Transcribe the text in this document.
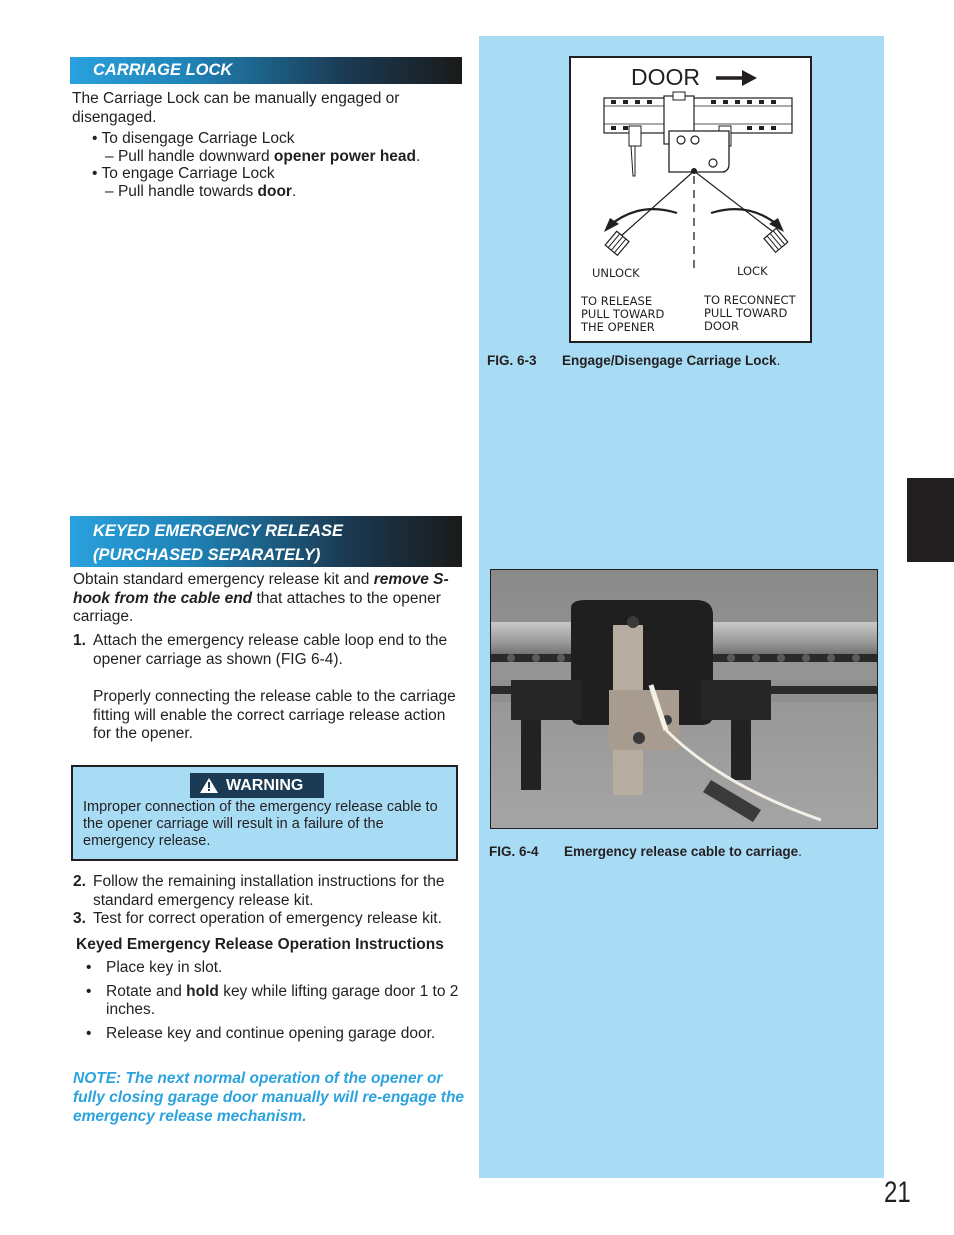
CARRIAGE LOCK
The Carriage Lock can be manually engaged or disengaged.
• To disengage Carriage Lock
– Pull handle downward opener power head.
• To engage Carriage Lock
– Pull handle towards door.
DOOR
UNLOCK	LOCK
TO RELEASE
PULL TOWARD
THE OPENER
TO RECONNECT
PULL TOWARD
DOOR
FIG. 6-3 Engage/Disengage Carriage Lock.
KEYED EMERGENCY RELEASE
(PURCHASED SEPARATELY)
Obtain standard emergency release kit and remove S-hook from the cable end that attaches to the opener carriage.
1. Attach the emergency release cable loop end to the opener carriage as shown (FIG 6-4).
Properly connecting the release cable to the carriage fitting will enable the correct carriage release action for the opener.
WARNING
Improper connection of the emergency release cable to the opener carriage will result in a failure of the emergency release.
2. Follow the remaining installation instructions for the standard emergency release kit.
3. Test for correct operation of emergency release kit.
Keyed Emergency Release Operation Instructions
• Place key in slot.
• Rotate and hold key while lifting garage door 1 to 2 inches.
• Release key and continue opening garage door.
NOTE: The next normal operation of the opener or fully closing garage door manually will re-engage the emergency release mechanism.
FIG. 6-4 Emergency release cable to carriage.
21
